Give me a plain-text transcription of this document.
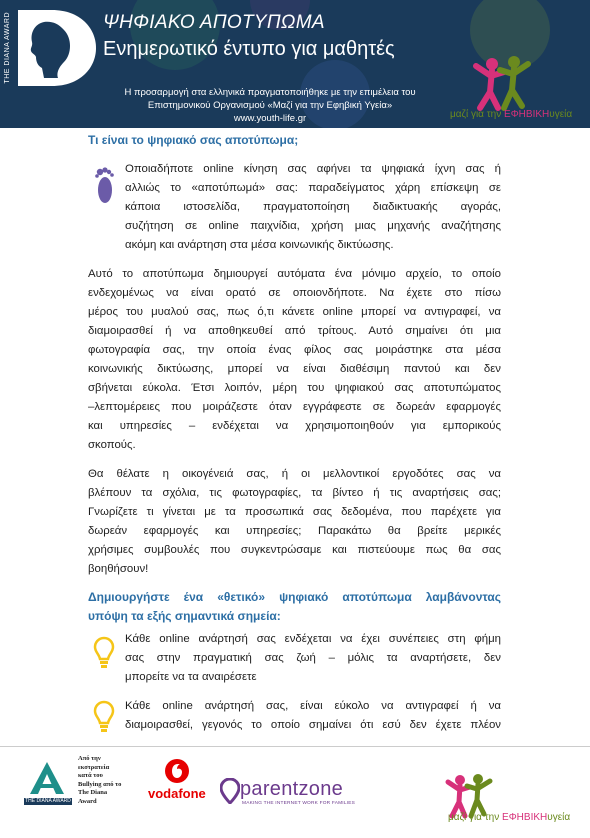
THE DIANA AWARD	ΨΗΦΙΑΚΟ ΑΠΟΤΥΠΩΜΑ
Ενημερωτικό έντυπο για μαθητές
Η προσαρμογή στα ελληνικά πραγματοποιήθηκε με την επιμέλεια του
Επιστημονικού Οργανισμού «Μαζί για την Εφηβική Υγεία»
www.youth-life.gr	μαζί για την ΕΦΗΒΙΚΗυγεία
Τι είναι το ψηφιακό σας αποτύπωμα;
Οποιαδήποτε online κίνηση σας αφήνει τα ψηφιακά ίχνη σας ή
αλλιώς το «αποτύπωμά» σας: παραδείγματος χάρη επίσκεψη σε
κάποια ιστοσελίδα, πραγματοποίηση διαδικτυακής αγοράς,
συζήτηση σε online παιχνίδια, χρήση μιας μηχανής αναζήτησης
ακόμη και ανάρτηση στα μέσα κοινωνικής δικτύωσης.
Αυτό το αποτύπωμα δημιουργεί αυτόματα ένα μόνιμο αρχείο, το οποίο
ενδεχομένως να είναι ορατό σε οποιονδήποτε. Να έχετε στο πίσω
μέρος του μυαλού σας, πως ό,τι κάνετε online μπορεί να αντιγραφεί, να
διαμοιρασθεί ή να αποθηκευθεί από τρίτους. Αυτό σημαίνει ότι μια
φωτογραφία σας, την οποία ένας φίλος σας μοιράστηκε στα μέσα
κοινωνικής δικτύωσης, μπορεί να είναι διαθέσιμη παντού και δεν
σβήνεται εύκολα. Έτσι λοιπόν, μέρη του ψηφιακού σας αποτυπώματος
–λεπτομέρειες που μοιράζεστε όταν εγγράφεστε σε δωρεάν εφαρμογές
και υπηρεσίες – ενδέχεται να χρησιμοποιηθούν για εμπορικούς
σκοπούς.
Θα θέλατε η οικογένειά σας, ή οι μελλοντικοί εργοδότες σας να
βλέπουν τα σχόλια, τις φωτογραφίες, τα βίντεο ή τις αναρτήσεις σας;
Γνωρίζετε τι γίνεται με τα προσωπικά σας δεδομένα, που παρέχετε για
δωρεάν εφαρμογές και υπηρεσίες; Παρακάτω θα βρείτε μερικές
χρήσιμες συμβουλές που συγκεντρώσαμε και πιστεύουμε πως θα σας
βοηθήσουν!
Δημιουργήστε ένα «θετικό» ψηφιακό αποτύπωμα λαμβάνοντας
υπόψη τα εξής σημαντικά σημεία:
Κάθε online ανάρτησή σας ενδέχεται να έχει συνέπειες στη φήμη
σας στην πραγματική σας ζωή – μόλις τα αναρτήσετε, δεν
μπορείτε να τα αναιρέσετε
Κάθε online ανάρτησή σας, είναι εύκολο να αντιγραφεί ή να
διαμοιρασθεί, γεγονός το οποίο σημαίνει ότι εσύ δεν έχετε πλέον
THE DIANA AWARD
Από την
εκστρατεία
κατά του
Bullying από το
The Diana
Award	vodafone parentzone
MAKING THE INTERNET WORK FOR FAMILIES
μαζί για την ΕΦΗΒΙΚΗυγεία
